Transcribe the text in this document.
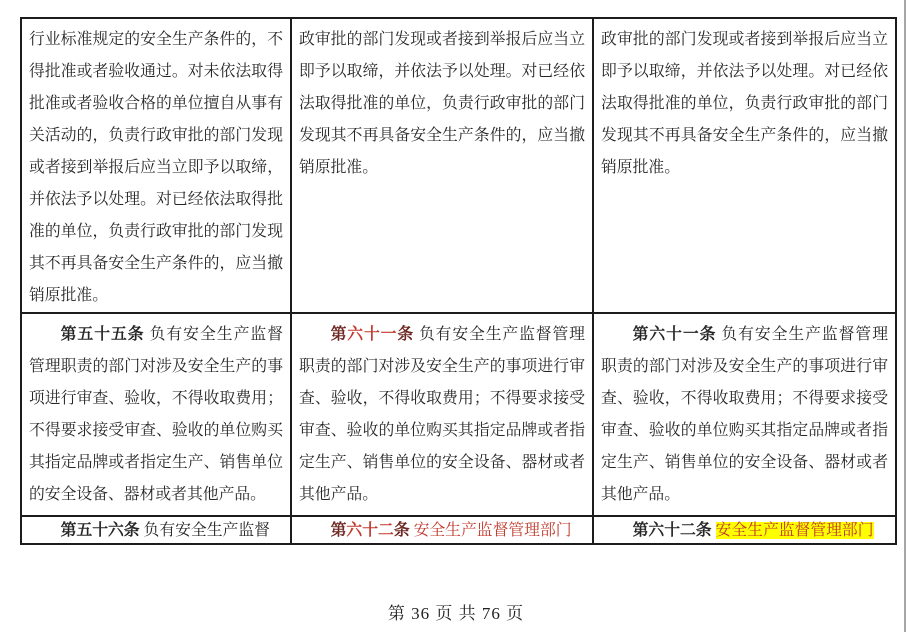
行业标准规定的安全生产条件的，不得批准或者验收通过。对未依法取得批准或者验收合格的单位擅自从事有关活动的，负责行政审批的部门发现或者接到举报后应当立即予以取缔，并依法予以处理。对已经依法取得批准的单位，负责行政审批的部门发现其不再具备安全生产条件的，应当撤销原批准。	政审批的部门发现或者接到举报后应当立即予以取缔，并依法予以处理。对已经依法取得批准的单位，负责行政审批的部门发现其不再具备安全生产条件的，应当撤销原批准。	政审批的部门发现或者接到举报后应当立即予以取缔，并依法予以处理。对已经依法取得批准的单位，负责行政审批的部门发现其不再具备安全生产条件的，应当撤销原批准。
第五十五条 负有安全生产监督管理职责的部门对涉及安全生产的事项进行审查、验收，不得收取费用；不得要求接受审查、验收的单位购买其指定品牌或者指定生产、销售单位的安全设备、器材或者其他产品。	第六十一条 负有安全生产监督管理职责的部门对涉及安全生产的事项进行审查、验收，不得收取费用；不得要求接受审查、验收的单位购买其指定品牌或者指定生产、销售单位的安全设备、器材或者其他产品。	第六十一条 负有安全生产监督管理职责的部门对涉及安全生产的事项进行审查、验收，不得收取费用；不得要求接受审查、验收的单位购买其指定品牌或者指定生产、销售单位的安全设备、器材或者其他产品。
第五十六条 负有安全生产监督	第六十二条 安全生产监督管理部门	第六十二条 安全生产监督管理部门
第 36 页 共 76 页
